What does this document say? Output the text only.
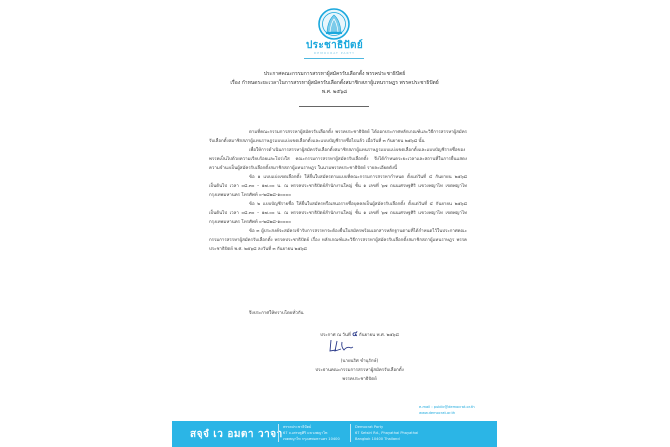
ประชาธิปัตย์
DEMOCRAT PARTY
ประกาศคณะกรรมการสรรหาผู้สมัครรับเลือกตั้ง พรรคประชาธิปัตย์
เรื่อง กำหนดระยะเวลาในการสรรหาผู้สมัครรับเลือกตั้งสมาชิกสภาผู้แทนราษฎร พรรคประชาธิปัตย์
พ.ศ. ๒๕๖๘

ตามที่คณะกรรมการสรรหาผู้สมัครรับเลือกตั้ง พรรคประชาธิปัตย์ ได้ออกประกาศหลักเกณฑ์และวิธีการสรรหาผู้สมัครรับเลือกตั้งสมาชิกสภาผู้แทนราษฎรแบบแบ่งเขตเลือกตั้งและแบบบัญชีรายชื่อไปแล้ว เมื่อวันที่ ๓ กันยายน ๒๕๖๘ นั้น

เพื่อให้การดำเนินการสรรหาผู้สมัครรับเลือกตั้งสมาชิกสภาผู้แทนราษฎรแบบแบ่งเขตเลือกตั้งและแบบบัญชีรายชื่อของพรรคเป็นไปด้วยความเรียบร้อยและโปร่งใส คณะกรรมการสรรหาผู้สมัครรับเลือกตั้ง จึงได้กำหนดระยะเวลาและสถานที่ในการยื่นแสดงความจำนงเป็นผู้สมัครรับเลือกตั้งสมาชิกสภาผู้แทนราษฎร ในนามพรรคประชาธิปัตย์ รายละเอียดดังนี้

ข้อ ๑ แบบแบ่งเขตเลือกตั้ง ให้ยื่นใบสมัครตามแบบที่คณะกรรมการสรรหากำหนด ตั้งแต่วันที่ ๔ กันยายน ๒๕๖๘ เป็นต้นไป เวลา ๐๘.๓๐ – ๑๗.๐๐ น. ณ พรรคประชาธิปัตย์สำนักงานใหญ่ ชั้น ๑ เลขที่ ๖๗ ถนนเศรษฐศิริ แขวงพญาไท เขตพญาไท กรุงเทพมหานคร โทรศัพท์ ๐-๒๘๒๘-๑๐๐๐๐

ข้อ ๒ แบบบัญชีรายชื่อ ให้ยื่นใบสมัครหรือเสนอรายชื่อบุคคลเป็นผู้สมัครรับเลือกตั้ง ตั้งแต่วันที่ ๔ กันยายน ๒๕๖๘ เป็นต้นไป เวลา ๐๘.๓๐ – ๑๗.๐๐ น. ณ พรรคประชาธิปัตย์สำนักงานใหญ่ ชั้น ๑ เลขที่ ๖๗ ถนนเศรษฐศิริ แขวงพญาไท เขตพญาไท กรุงเทพมหานคร โทรศัพท์ ๐-๒๘๒๘-๑๐๐๐๐

ข้อ ๓ ผู้ประสงค์จะสมัครเข้ารับการสรรหาจะต้องยื่นใบสมัครพร้อมเอกสารหลักฐานตามที่ได้กำหนดไว้ในประกาศคณะกรรมการสรรหาผู้สมัครรับเลือกตั้ง พรรคประชาธิปัตย์ เรื่อง หลักเกณฑ์และวิธีการสรรหาผู้สมัครรับเลือกตั้งสมาชิกสภาผู้แทนราษฎร พรรคประชาธิปัตย์ พ.ศ. ๒๕๖๘ ลงวันที่ ๓ กันยายน ๒๕๖๘

จึงประกาศให้ทราบโดยทั่วกัน
ประกาศ ณ วันที่ ๔ กันยายน พ.ศ. ๒๕๖๘
(นายนริศ ขำนุรักษ์)
ประธานคณะกรรมการสรรหาผู้สมัครรับเลือกตั้ง
พรรคประชาธิปัตย์
e-mail : public@democrat.or.th
www.democrat.or.th
สจฺจํ เว อมตา วาจา
พรรคประชาธิปัตย์
67 ถ.เศรษฐศิริ แขวงพญาไท
เขตพญาไท กรุงเทพมหานคร 10400
Democrat Party
67 Setsiri Rd., Phayathai Phayathai
Bangkok 10400 Thailand
